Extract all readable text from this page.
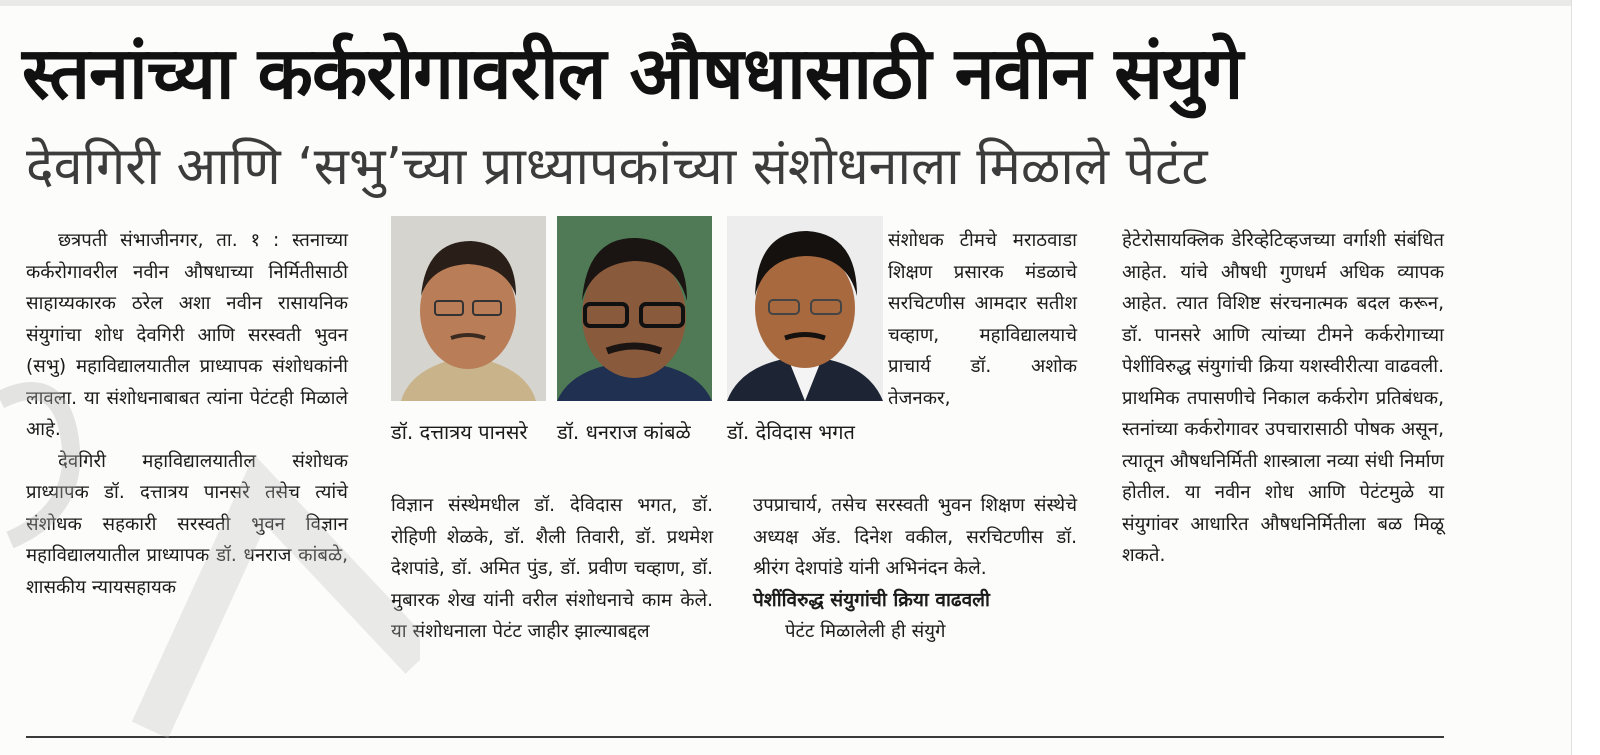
स्तनांच्या कर्करोगावरील औषधासाठी नवीन संयुगे
देवगिरी आणि ‘सभु’च्या प्राध्यापकांच्या संशोधनाला मिळाले पेटंट

छत्रपती संभाजीनगर, ता. १ : स्तनाच्या कर्करोगावरील नवीन औषधाच्या निर्मितीसाठी साहाय्यकारक ठरेल अशा नवीन रासायनिक संयुगांचा शोध देवगिरी आणि सरस्वती भुवन (सभु) महाविद्यालयातील प्राध्यापक संशोधकांनी लावला. या संशोधनाबाबत त्यांना पेटंटही मिळाले आहे.

देवगिरी महाविद्यालयातील संशोधक प्राध्यापक डॉ. दत्तात्रय पानसरे तसेच त्यांचे संशोधक सहकारी सरस्वती भुवन विज्ञान महाविद्यालयातील प्राध्यापक डॉ. धनराज कांबळे, शासकीय न्यायसहायक

डॉ. दत्तात्रय पानसरे	डॉ. धनराज कांबळे	डॉ. देविदास भगत

विज्ञान संस्थेमधील डॉ. देविदास भगत, डॉ. रोहिणी शेळके, डॉ. शैली तिवारी, डॉ. प्रथमेश देशपांडे, डॉ. अमित पुंड, डॉ. प्रवीण चव्हाण, डॉ. मुबारक शेख यांनी वरील संशोधनाचे काम केले. या संशोधनाला पेटंट जाहीर झाल्याबद्दल

संशोधक टीमचे मराठवाडा शिक्षण प्रसारक मंडळाचे सरचिटणीस आमदार सतीश चव्हाण, महाविद्यालयाचे प्राचार्य डॉ. अशोक तेजनकर,

उपप्राचार्य, तसेच सरस्वती भुवन शिक्षण संस्थेचे अध्यक्ष अ‍ॅड. दिनेश वकील, सरचिटणीस डॉ. श्रीरंग देशपांडे यांनी अभिनंदन केले.

पेशींविरुद्ध संयुगांची क्रिया वाढवली

पेटंट मिळालेली ही संयुगे

हेटेरोसायक्लिक डेरिव्हेटिव्हजच्या वर्गाशी संबंधित आहेत. यांचे औषधी गुणधर्म अधिक व्यापक आहेत. त्यात विशिष्ट संरचनात्मक बदल करून, डॉ. पानसरे आणि त्यांच्या टीमने कर्करोगाच्या पेशींविरुद्ध संयुगांची क्रिया यशस्वीरीत्या वाढवली. प्राथमिक तपासणीचे निकाल कर्करोग प्रतिबंधक, स्तनांच्या कर्करोगावर उपचारासाठी पोषक असून, त्यातून औषधनिर्मिती शास्त्राला नव्या संधी निर्माण होतील. या नवीन शोध आणि पेटंटमुळे या संयुगांवर आधारित औषधनिर्मितीला बळ मिळू शकते.
